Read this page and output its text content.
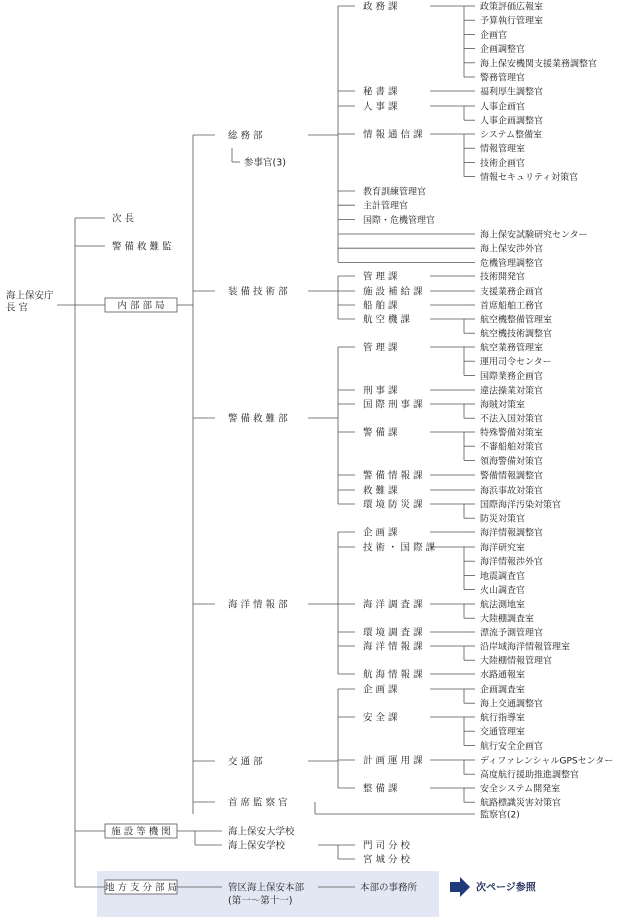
海上保安庁
長 官
次 長
警 備 救 難 監
総 務 部
装 備 技 術 部
警 備 救 難 部
海 洋 情 報 部
交 通 部
首 席 監 察 官
監察官(2)
参事官(3)
政 務 課	政策評価広報室
予算執行管理室
企画官
企画調整官
海上保安機関支援業務調整官
警務管理官
秘 書 課	福利厚生調整官
人 事 課	人事企画官
人事企画調整官
情 報 通 信 課	システム整備室
情報管理室
技術企画官
情報セキュリティ対策官
教育訓練管理官
主計管理官
国際・危機管理官
海上保安試験研究センター
海上保安渉外官
危機管理調整官
管 理 課	技術開発官
施 設 補 給 課	支援業務企画官
船 舶 課	首席船舶工務官
航 空 機 課	航空機整備管理室
航空機技術調整官
管 理 課	航空業務管理室
運用司令センター
国際業務企画官
刑 事 課	違法操業対策官
国 際 刑 事 課	海賊対策室
不法入国対策官
警 備 課	特殊警備対策室
不審船舶対策官
領海警備対策官
警 備 情 報 課	警備情報調整官
救 難 課	海浜事故対策官
環 境 防 災 課	国際海洋汚染対策官
防災対策官
企 画 課	海洋情報調整官
技 術 ・ 国 際 課	海洋研究室
海洋情報渉外官
地震調査官
火山調査官
海 洋 調 査 課	航法測地室
大陸棚調査室
環 境 調 査 課	漂流予測管理官
海 洋 情 報 課	沿岸域海洋情報管理室
大陸棚情報管理官
航 海 情 報 課	水路通報室
企 画 課	企画調査室
海上交通調整官
安 全 課	航行指導室
交通管理室
航行安全企画官
計 画 運 用 課	ディファレンシャルGPSセンター
高度航行援助推進調整官
整 備 課	安全システム開発室
航路標識災害対策官
海上保安大学校
海上保安学校	門 司 分 校
宮 城 分 校
管区海上保安本部
(第一～第十一)
本部の事務所	次ページ参照
内 部 部 局
施 設 等 機 関
地 方 支 分 部 局
